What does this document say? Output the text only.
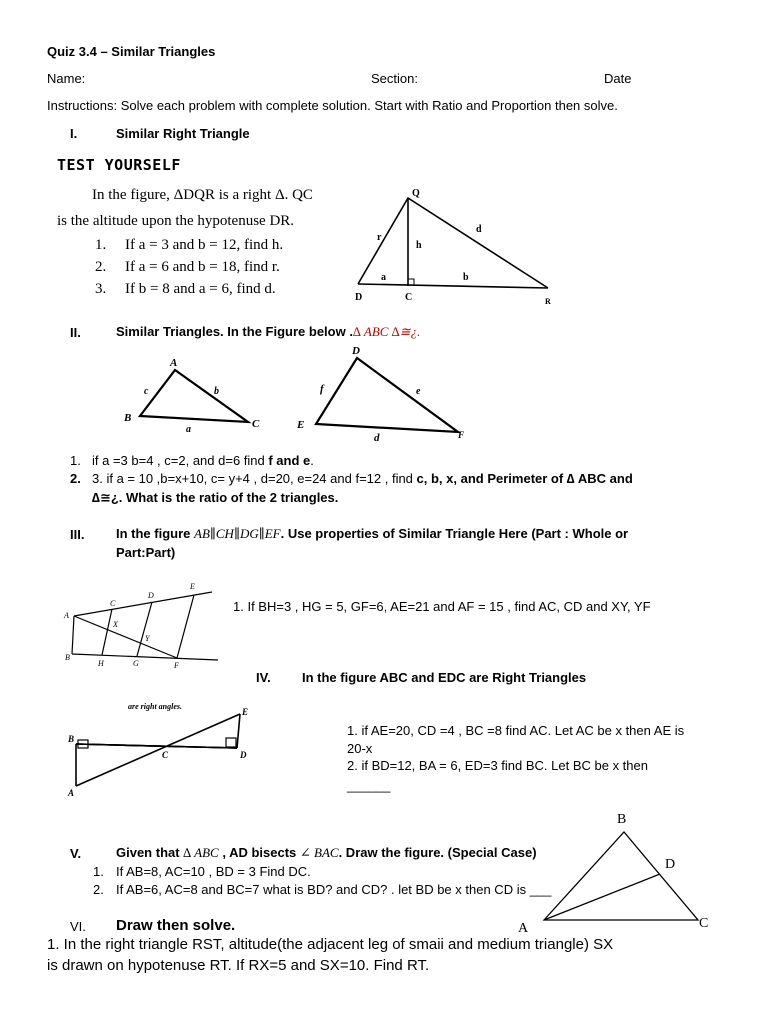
Quiz 3.4 – Similar Triangles
Name:	Section:	Date
Instructions: Solve each problem with complete solution. Start with Ratio and Proportion then solve.
I.	Similar Right Triangle
TEST YOURSELF
In the figure, ΔDQR is a right Δ. QC
is the altitude upon the hypotenuse DR.
1. If a = 3 and b = 12, find h.
2. If a = 6 and b = 18, find r.
3. If b = 8 and a = 6, find d.
Q
r
h
d
a	b
D	C	R
II.	Similar Triangles. In the Figure below .∆ ABC ∆≅¿.
A
B	C
a
b
c
D
E
F
d
e
f
1. if a =3 b=4 , c=2, and d=6 find f and e.
2. 3. if a = 10 ,b=x+10, c= y+4 , d=20, e=24 and f=12 , find c, b, x, and Perimeter of ∆ ABC and
∆≅¿. What is the ratio of the 2 triangles.
III. In the figure AB∥CH∥DG∥EF. Use properties of Similar Triangle Here (Part : Whole or
Part:Part)
A
B
C
D
E
F
G
H
X
Y
1. If BH=3 , HG = 5, GF=6, AE=21 and AF = 15 , find AC, CD and XY, YF
IV. In the figure ABC and EDC are Right Triangles
are right angles.
B
A
C	D
E
1. if AE=20, CD =4 , BC =8 find AC. Let AC be x then AE is
20-x
2. if BD=12, BA = 6, ED=3 find BC. Let BC be x then
______
V.	Given that ∆ ABC , AD bisects ∠ BAC. Draw the figure. (Special Case)
1. If AB=8, AC=10 , BD = 3 Find DC.
2. If AB=6, AC=8 and BC=7 what is BD? and CD? . let BD be x then CD is ___
B
D
A	C
VI. Draw then solve.
1. In the right triangle RST, altitude(the adjacent leg of smaii and medium triangle) SX
is drawn on hypotenuse RT. If RX=5 and SX=10. Find RT.
